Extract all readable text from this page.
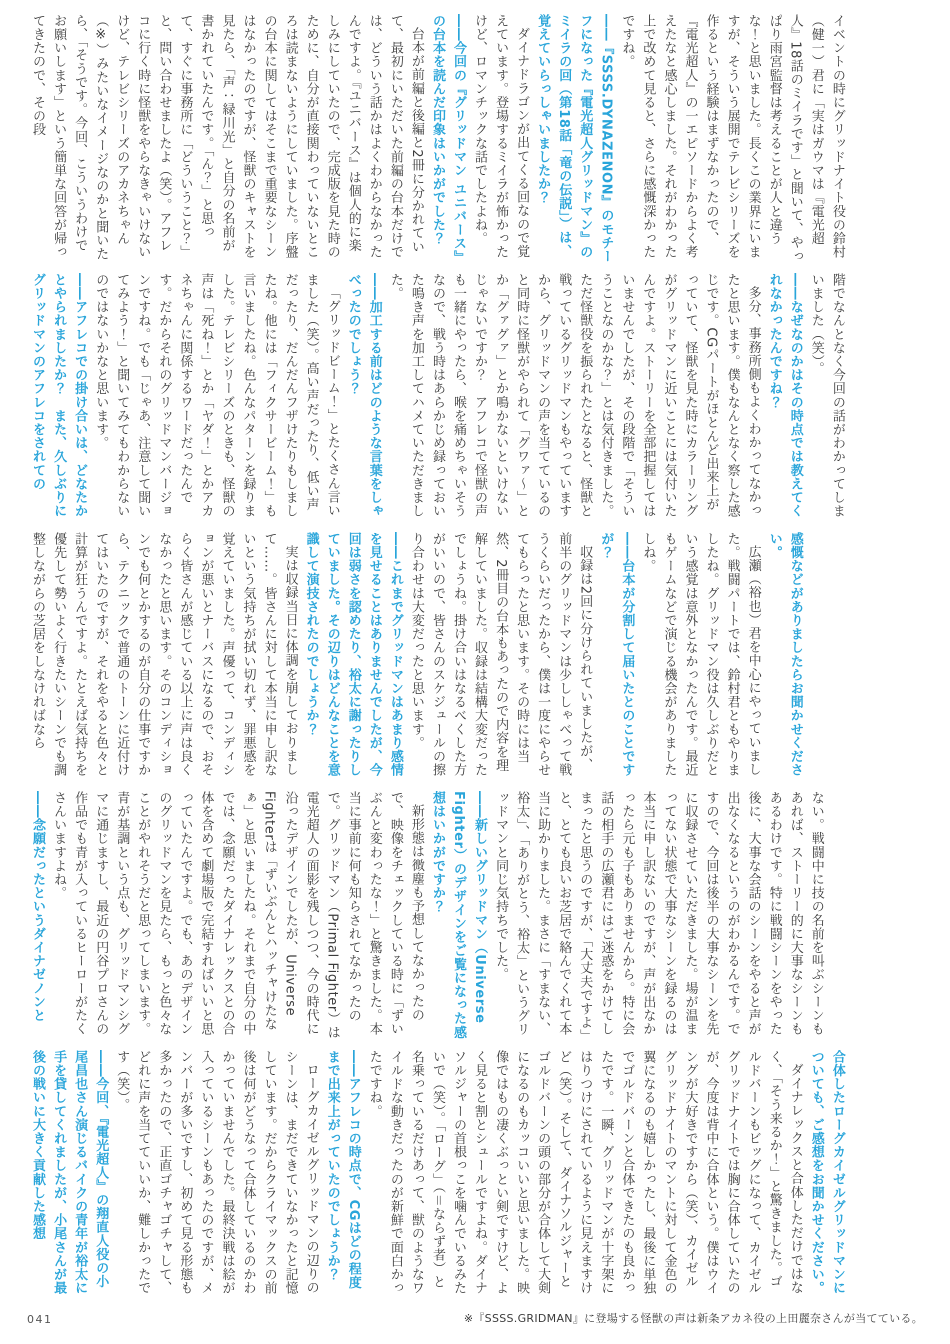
イベントの時にグリッドナイト役の鈴村（健一）君に「実はガウマは『電光超人』18話のミイラです」と聞いて、やっぱり雨宮監督は考えることが人と違うな！と思いました。長くこの業界にいますが、そういう展開でテレビシリーズを作るという経験はまずなかったので、『電光超人』の一エピソードからよく考えたなと感心しました。それがわかった上で改めて見ると、さらに感慨深かったですね。

――『SSSS.DYNAZENON』のモチーフになった『電光超人グリッドマン』のミイラの回（第18話「竜の伝説」）は、覚えていらっしゃいましたか？

ダイナドラゴンが出てくる回なので覚えています。登場するミイラが怖かったけど、ロマンチックな話でしたよね。

――今回の『グリッドマン ユニバース』の台本を読んだ印象はいかがでした？

台本が前編と後編と2冊に分かれていて、最初にいただいた前編の台本だけでは、どういう話かはよくわからなかったんですよ。『ユニバース』は個人的に楽しみにしていたので、完成版を見た時のために、自分が直接関わっていないところは読まないようにしていました。序盤の台本に関してはそこまで重要なシーンはなかったのですが、怪獣のキャストを見たら、「声：緑川光」と自分の名前が書かれていたんです。「ん？」と思って、すぐに事務所に「どういうこと？」と、問い合わせましたよ（笑）。アフレコに行く時に怪獣をやらなきゃいけないけど、テレビシリーズのアカネちゃん（※）みたいなイメージなのかと聞いたら、「そうです。今回、こういうわけでお願いします」という簡単な回答が帰ってきたので、その段

階でなんとなく今回の話がわかってしまいました（笑）。

――なぜなのかはその時点では教えてくれなかったんですね？

多分、事務所側もよくわかってなかったと思います。僕もなんとなく察した感じです。CGパートがほとんど出来上がっていて、怪獣を見た時にカラーリングがグリッドマンに近いことには気付いたんですよ。ストーリーを全部把握してはいませんでしたが、その段階で「そういうことなのかな？」とは気付きました。ただ怪獣役を振られたとなると、怪獣と戦っているグリッドマンもやっていますから、グリッドマンの声を当てているのと同時に怪獣がやられて「グワァ～」とか「グァグァ」とか鳴かないといけないじゃないですか？　アフレコで怪獣の声も一緒にやったら、喉を痛めちゃいそうなので、戦う時はあらかじめ録っておいた鳴き声を加工してハメていただきました。

――加工する前はどのような言葉をしゃべったのでしょう？

「グリッドビーム！」とたくさん言いました（笑）。高い声だったり、低い声だったり、だんだんフザけたりもしましたね。他には「フィクサービーム！」も言いましたね。色んなパターンを録りました。テレビシリーズのときも、怪獣の声は「死ね！」とか「ヤダ！」とかアカネちゃんに関係するワードだったんです。だからそれのグリッドマンバージョンですね。でも「じゃあ、注意して聞いてみよう！」と聞いてみてもわからないのではないかなと思います。

――アフレコでの掛け合いは、どなたかとやられましたか？　また、久しぶりにグリッドマンのアフレコをされての

感慨などがありましたらお聞かせください。

広瀬（裕也）君を中心にやっていました。戦闘パートでは、鈴村君ともやりましたね。グリッドマン役は久しぶりだという感覚は意外となかったんです。最近もゲームなどで演じる機会がありましたしね。

――台本が分割して届いたとのことですが？

収録は2回に分けられていましたが、前半のグリッドマンは少ししゃべって戦うくらいだったから、僕は一度にやらせてもらったと思います。その時には当然、2冊目の台本もあったので内容を理解していました。収録は結構大変だったでしょうね。掛け合いはなるべくした方がいいので、皆さんのスケジュールの擦り合わせは大変だったと思います。

――これまでグリッドマンはあまり感情を見せることはありませんでしたが、今回は弱さを認めたり、裕太に謝ったりしていました。その辺りはどんなことを意識して演技されたのでしょうか？

実は収録当日に体調を崩しておりまして……。皆さんに対して本当に申し訳ないという気持ちが拭い切れず、罪悪感を覚えていました。声優って、コンディションが悪いとナーバスになるので、おそらく皆さんが感じている以上に声は良くなかったと思います。そのコンディションでも何とかするのが自分の仕事ですから、テクニックで普通のトーンに近付けてはいたのですが、それをやると色々と計算が狂うんですよ。たとえば気持ちを優先して勢いよく行きたいシーンでも調整しながらの芝居をしなければなら

ない。戦闘中に技の名前を叫ぶシーンもあれば、ストーリー的に大事なシーンもあるわけです。特に戦闘シーンをやった後に、大事な会話のシーンをやると声が出なくなるというのがわかるんです。ですので、今回は後半の大事なシーンを先に収録させていただきました。場が温まってない状態で大事なシーンを録るのは本当に申し訳ないのですが、声が出なかったら元も子もありませんから。特に会話の相手の広瀬君にはご迷惑をかけてしまったと思うのですが、「大丈夫ですよ」と、とても良いお芝居で絡んでくれて本当に助かりました。まさに「すまない、裕太」、「ありがとう、裕太」というグリッドマンと同じ気持ちでした。

――新しいグリッドマン（Universe Fighter）のデザインをご覧になった感想はいかがですか？

新形態は微塵も予想してなかったので、映像をチェックしている時に「ずいぶんと変わったな！」と驚きました。本当に事前に何も知らされてなかったので。グリッドマン（Primal Fighter）は電光超人の面影を残しつつ、今の時代に沿ったデザインでしたが、Universe Fighterは「ずいぶんとハッチャけたなぁ」と思いましたね。それまで自分の中では、念願だったダイナレックスとの合体を含めて劇場版で完結すればいいと思っていたんですよ。でも、あのデザインのグリッドマンを見たら、もっと色々なことがやれそうだと思ってしまいます。青が基調という点も、グリッドマンシグマに通じますし、最近の円谷プロさんの作品でも青が入っているヒーローがたくさんいますよね。

――念願だったというダイナゼノンと

合体したローグカイゼルグリッドマンについても、ご感想をお聞かせください。

ダイナレックスと合体しただけではなく、「そう来るか！」と驚きました。ゴルドバーンもビッグになって、カイゼルグリッドナイトでは胸に合体していたのが、今度は背中に合体という。僕はウイングが大好きですから（笑）、カイゼルグリッドナイトのマントに対して金色の翼になるのも嬉しかったし、最後に単独でゴルドバーンと合体できたのも良かったです。一瞬、グリッドマンが十字架にはりつけにされているように見えますけど（笑）。そして、ダイナソルジャーとゴルドバーンの頭の部分が合体して大剣になるのもカッコいいと思いました。映像ではもの凄くぶっとい剣ですけど、よく見ると割とシュールですよね。ダイナソルジャーの首根っこを噛んでいるみたいで（笑）。「ローグ」（＝ならず者）と名乗っているだけあって、獣のようなワイルドな動きだったのが新鮮で面白かったですね。

――アフレコの時点で、CGはどの程度まで出来上がっていたのでしょうか？

ローグカイゼルグリッドマンの辺りのシーンは、まだできていなかったと記憶しています。だからクライマックスの前後は何がどうなって合体しているのかわかっていませんでした。最終決戦は絵が入っているシーンもあったのですが、メンバーが多いですし、初めて見る形態も多かったので、正直ゴチャゴチャして、どれに声を当てていいか、難しかったです（笑）。

――今回、『電光超人』の翔直人役の小尾昌也さん演じるバイクの青年が裕太に手を貸してくれましたが、小尾さんが最後の戦いに大きく貢献した感想

041	※『SSSS.GRIDMAN』に登場する怪獣の声は新条アカネ役の上田麗奈さんが当てている。
